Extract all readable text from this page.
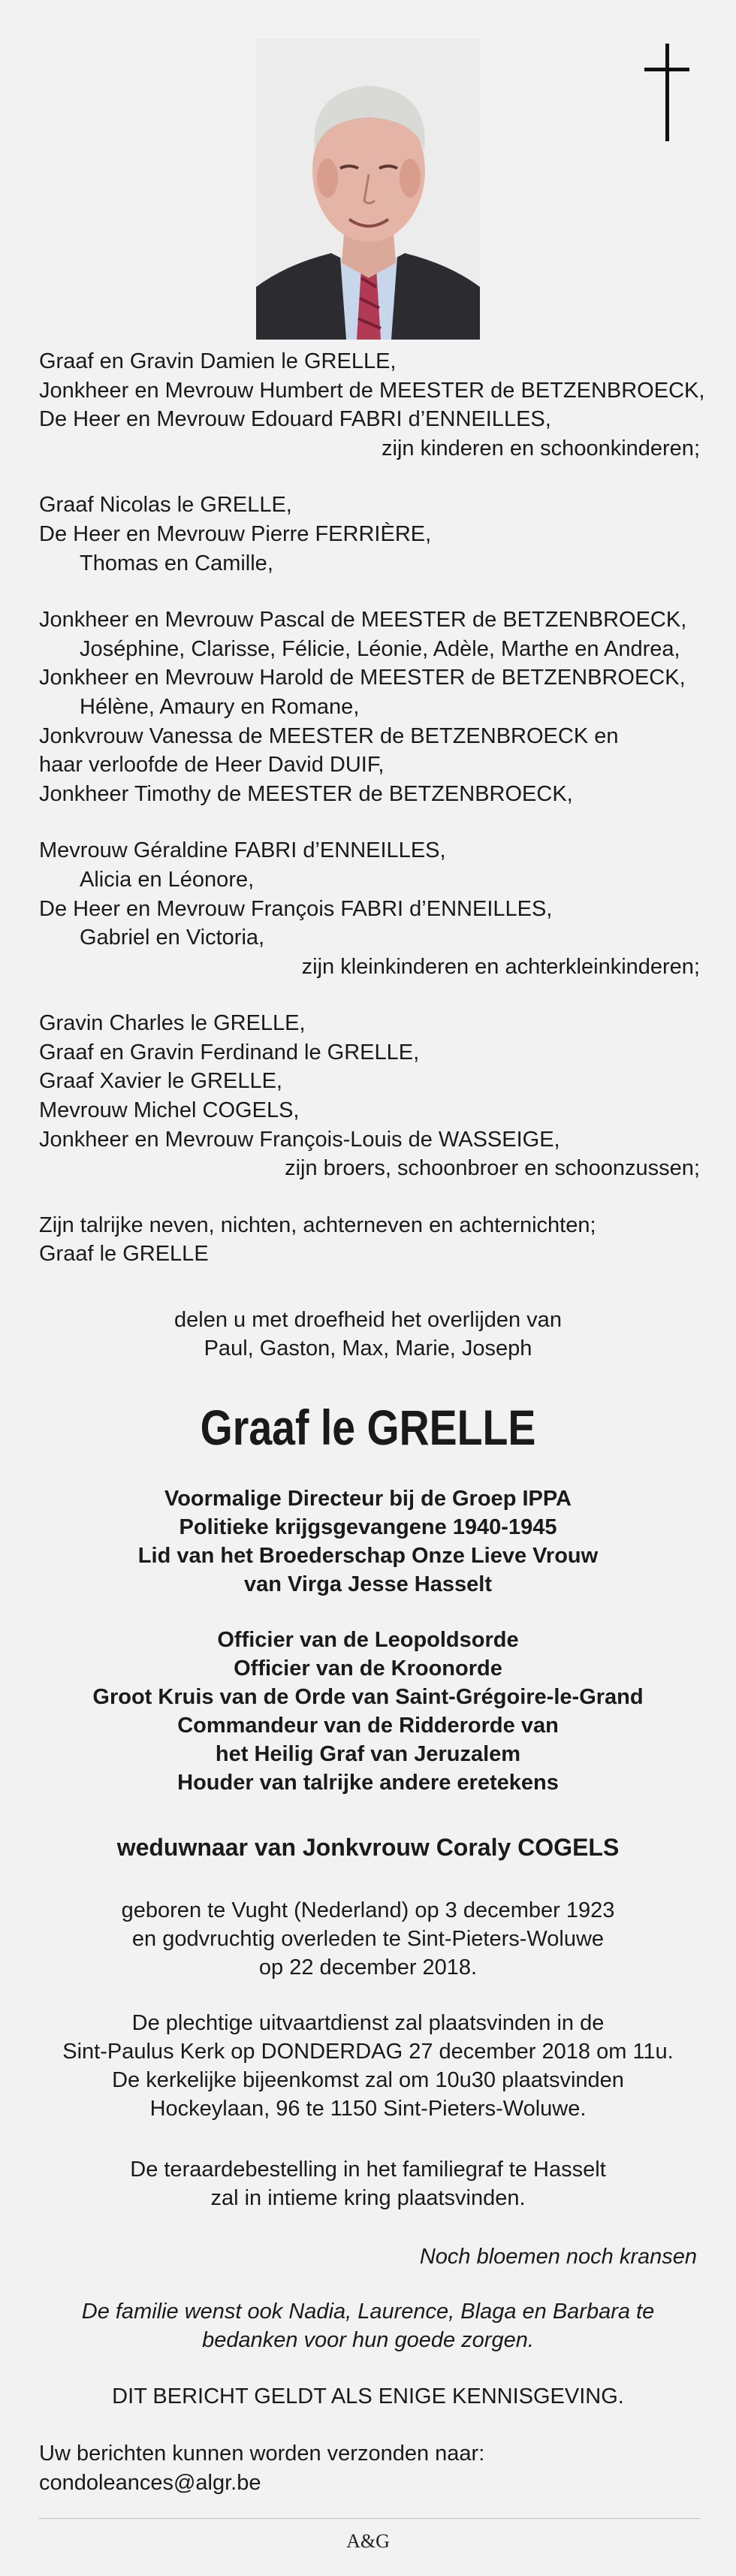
Graaf en Gravin Damien le GRELLE,
Jonkheer en Mevrouw Humbert de MEESTER de BETZENBROECK,
De Heer en Mevrouw Edouard FABRI d’ENNEILLES,
zijn kinderen en schoonkinderen;
Graaf Nicolas le GRELLE,
De Heer en Mevrouw Pierre FERRIÈRE,
Thomas en Camille,
Jonkheer en Mevrouw Pascal de MEESTER de BETZENBROECK,
Joséphine, Clarisse, Félicie, Léonie, Adèle, Marthe en Andrea,
Jonkheer en Mevrouw Harold de MEESTER de BETZENBROECK,
Hélène, Amaury en Romane,
Jonkvrouw Vanessa de MEESTER de BETZENBROECK en
haar verloofde de Heer David DUIF,
Jonkheer Timothy de MEESTER de BETZENBROECK,
Mevrouw Géraldine FABRI d’ENNEILLES,
Alicia en Léonore,
De Heer en Mevrouw François FABRI d’ENNEILLES,
Gabriel en Victoria,
zijn kleinkinderen en achterkleinkinderen;
Gravin Charles le GRELLE,
Graaf en Gravin Ferdinand le GRELLE,
Graaf Xavier le GRELLE,
Mevrouw Michel COGELS,
Jonkheer en Mevrouw François-Louis de WASSEIGE,
zijn broers, schoonbroer en schoonzussen;
Zijn talrijke neven, nichten, achterneven en achternichten;
Graaf le GRELLE
delen u met droefheid het overlijden van
Paul, Gaston, Max, Marie, Joseph
Graaf le GRELLE
Voormalige Directeur bij de Groep IPPA
Politieke krijgsgevangene 1940-1945
Lid van het Broederschap Onze Lieve Vrouw
van Virga Jesse Hasselt
Officier van de Leopoldsorde
Officier van de Kroonorde
Groot Kruis van de Orde van Saint-Grégoire-le-Grand
Commandeur van de Ridderorde van
het Heilig Graf van Jeruzalem
Houder van talrijke andere eretekens
weduwnaar van Jonkvrouw Coraly COGELS
geboren te Vught (Nederland) op 3 december 1923
en godvruchtig overleden te Sint-Pieters-Woluwe
op 22 december 2018.
De plechtige uitvaartdienst zal plaatsvinden in de
Sint-Paulus Kerk op DONDERDAG 27 december 2018 om 11u.
De kerkelijke bijeenkomst zal om 10u30 plaatsvinden
Hockeylaan, 96 te 1150 Sint-Pieters-Woluwe.
De teraardebestelling in het familiegraf te Hasselt
zal in intieme kring plaatsvinden.
Noch bloemen noch kransen
De familie wenst ook Nadia, Laurence, Blaga en Barbara te
bedanken voor hun goede zorgen.
DIT BERICHT GELDT ALS ENIGE KENNISGEVING.
Uw berichten kunnen worden verzonden naar:
condoleances@algr.be
A&G
